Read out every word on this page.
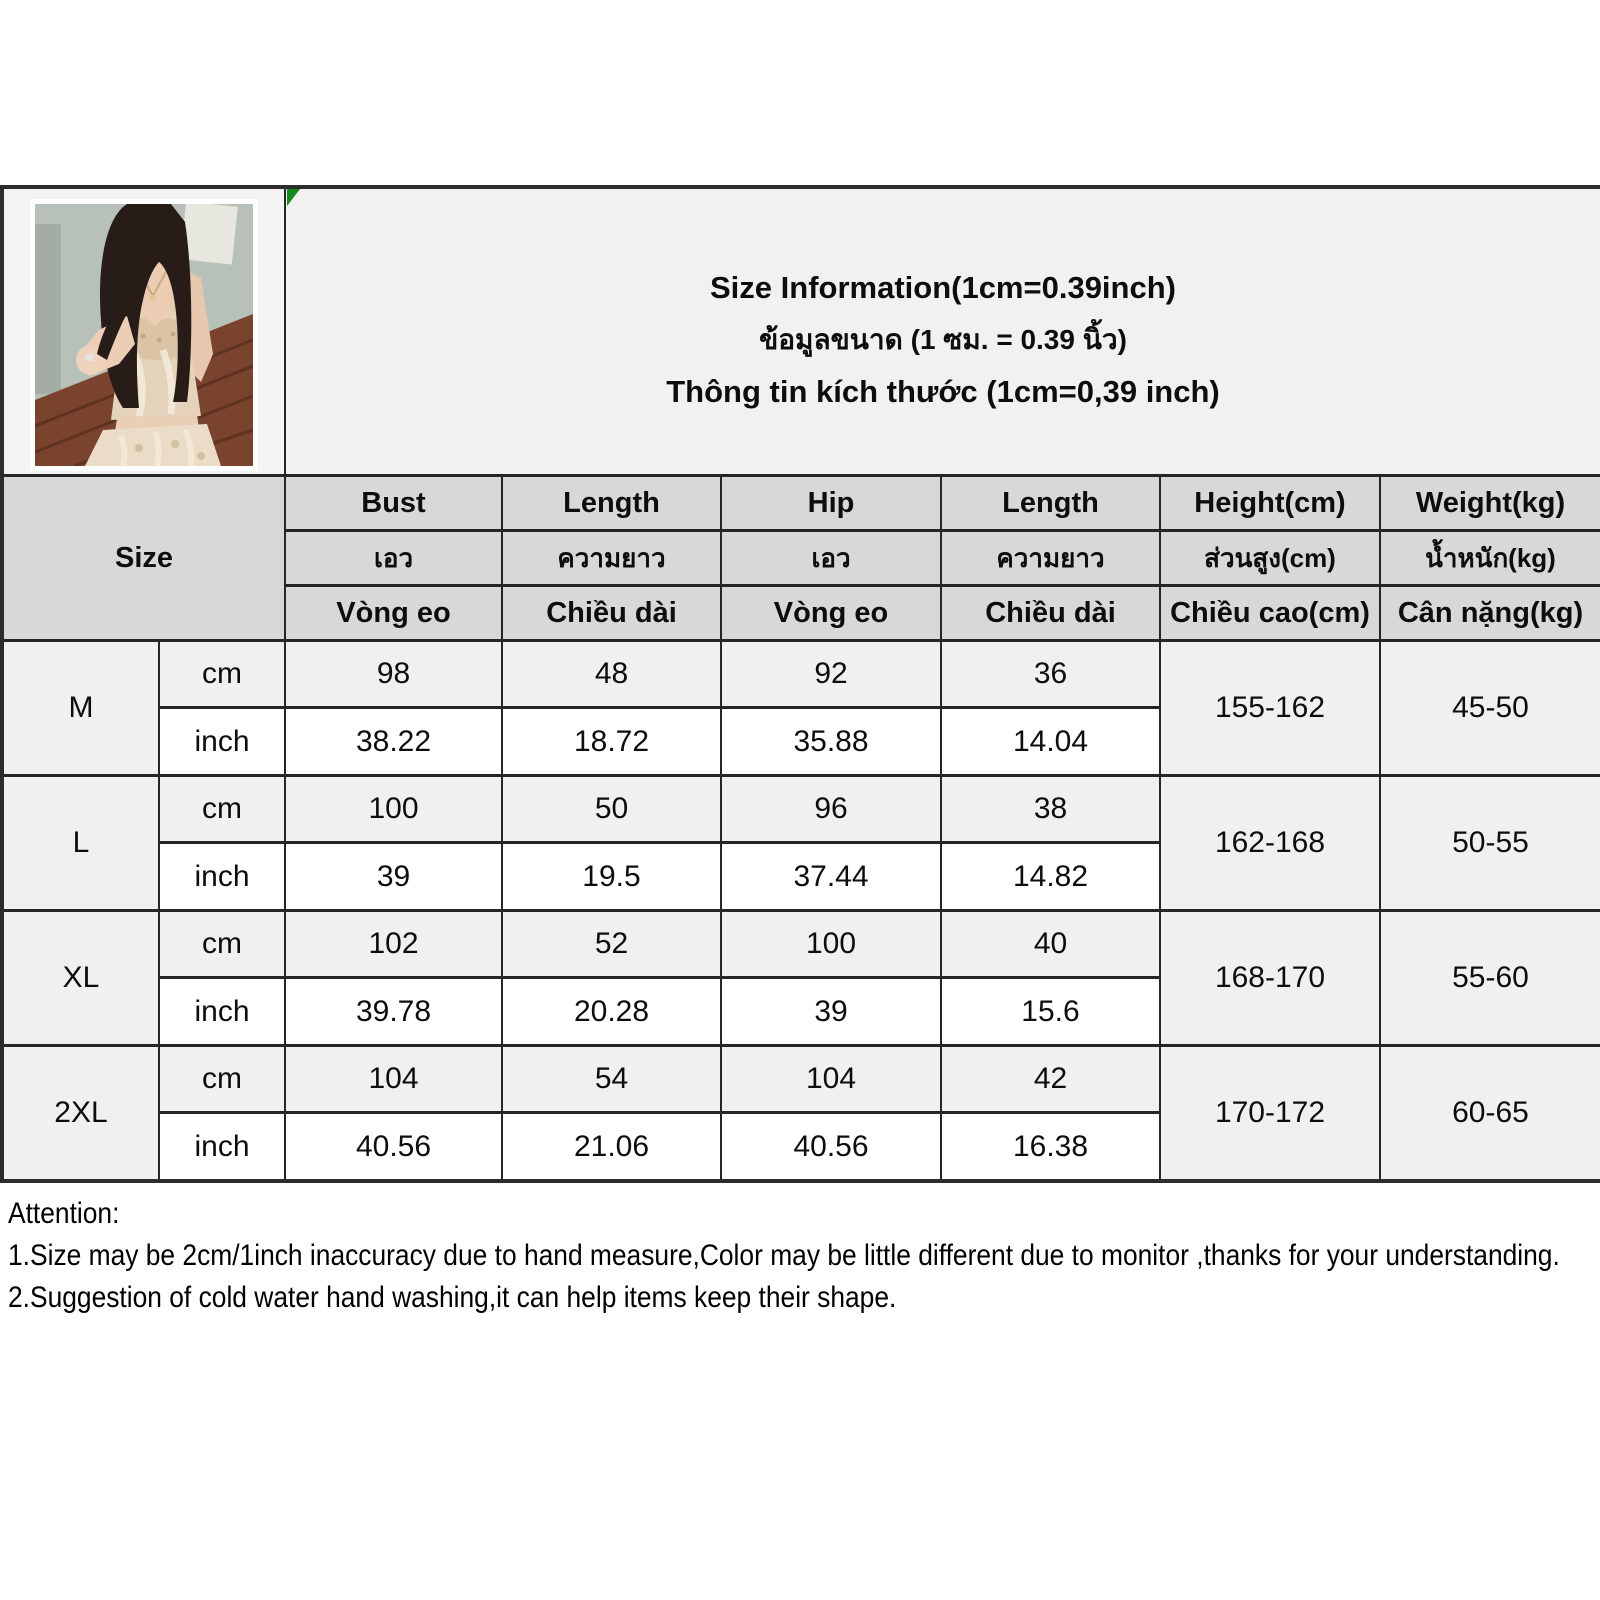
Size Information(1cm=0.39inch)
ข้อมูลขนาด (1 ซม. = 0.39 นิ้ว)
Thông tin kích thước (1cm=0,39 inch)					

Size		Bust	Length	Hip	Length	Height(cm)	Weight(kg)
		เอว	ความยาว	เอว	ความยาว	ส่วนสูง(cm)	น้ำหนัก(kg)
		Vòng eo	Chiều dài	Vòng eo	Chiều dài	Chiều cao(cm)	Cân nặng(kg)
M	cm	98	48	92	36	155-162	45-50
	inch	38.22	18.72	35.88	14.04		
L	cm	100	50	96	38	162-168	50-55
	inch	39	19.5	37.44	14.82		
XL	cm	102	52	100	40	168-170	55-60
	inch	39.78	20.28	39	15.6		
2XL	cm	104	54	104	42	170-172	60-65
	inch	40.56	21.06	40.56	16.38		
Attention:
1.Size may be 2cm/1inch inaccuracy due to hand measure,Color may be little different due to monitor ,thanks for your understanding.
2.Suggestion of cold water hand washing,it can help items keep their shape.
